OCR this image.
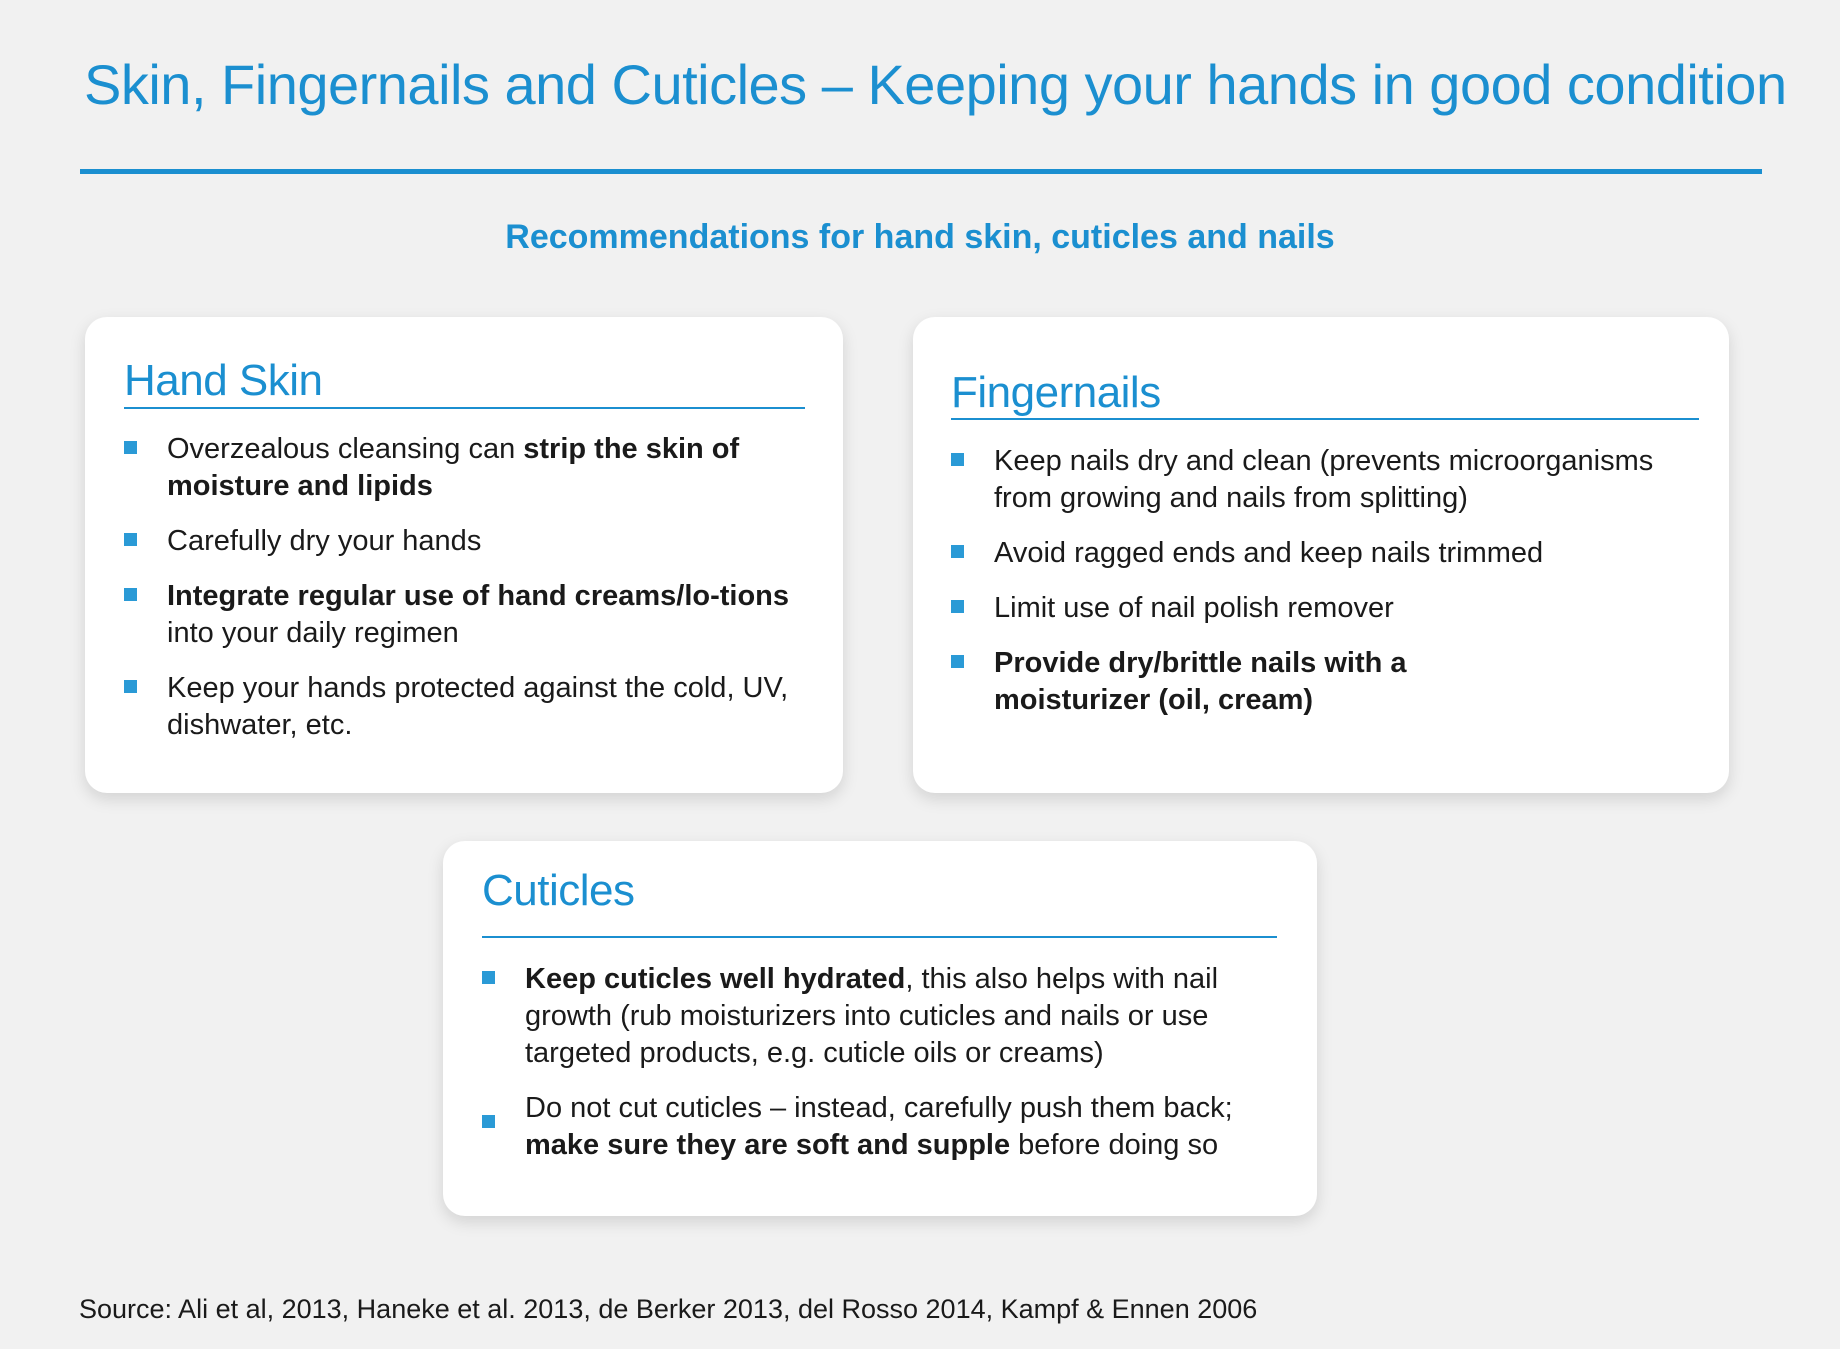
Skin, Fingernails and Cuticles – Keeping your hands in good condition
Recommendations for hand skin, cuticles and nails
Hand Skin
Overzealous cleansing can strip the skin of moisture and lipids
Carefully dry your hands
Integrate regular use of hand creams/lo-tions into your daily regimen
Keep your hands protected against the cold, UV, dishwater, etc.
Fingernails
Keep nails dry and clean (prevents microorganisms from growing and nails from splitting)
Avoid ragged ends and keep nails trimmed
Limit use of nail polish remover
Provide dry/brittle nails with a moisturizer (oil, cream)
Cuticles
Keep cuticles well hydrated, this also helps with nail growth (rub moisturizers into cuticles and nails or use targeted products, e.g. cuticle oils or creams)
Do not cut cuticles – instead, carefully push them back; make sure they are soft and supple before doing so
Source: Ali et al, 2013, Haneke et al. 2013, de Berker 2013, del Rosso 2014, Kampf & Ennen 2006
